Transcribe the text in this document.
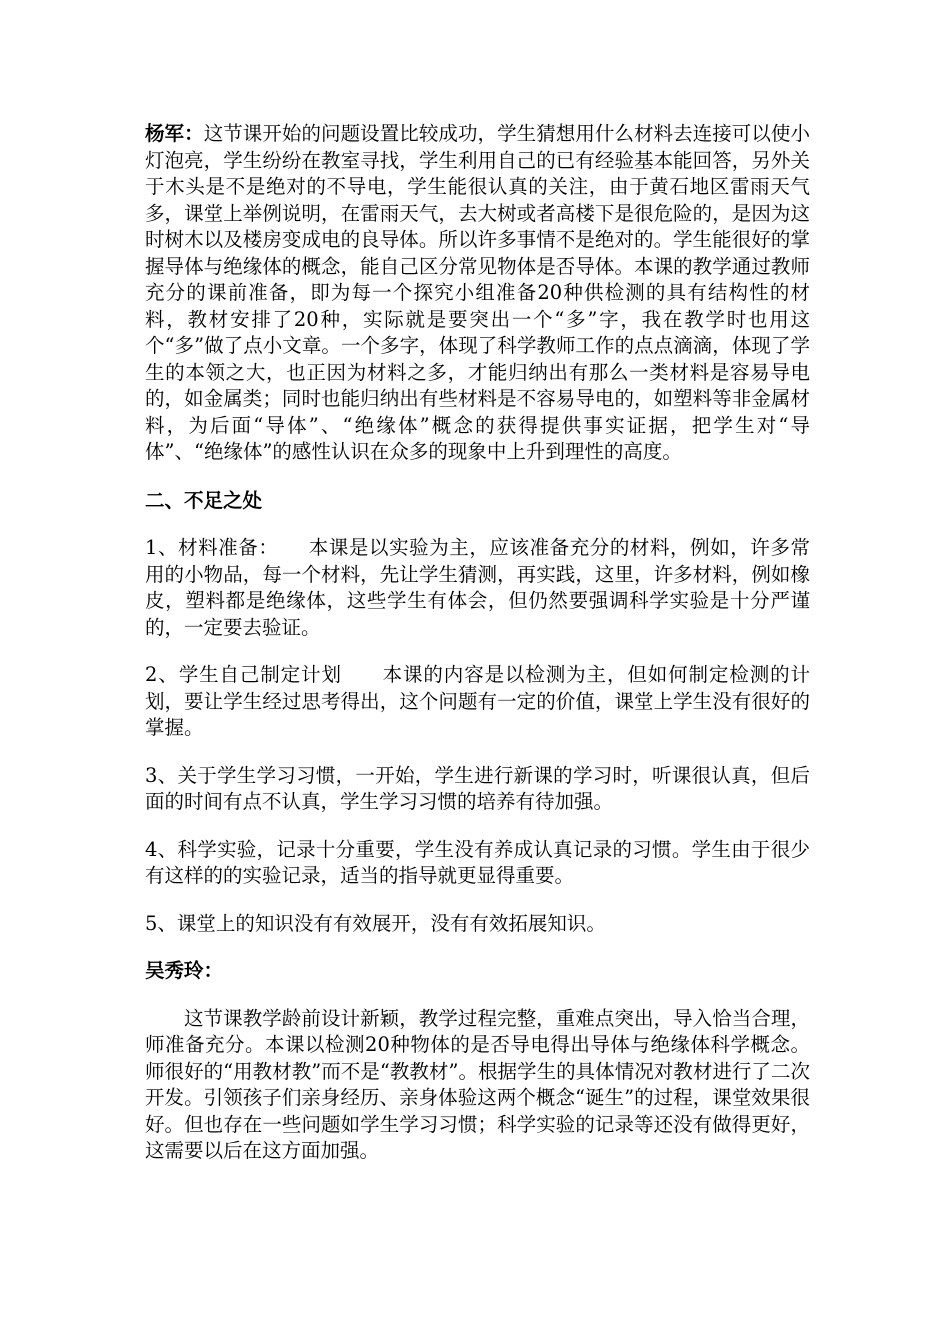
杨军：这节课开始的问题设置比较成功，学生猜想用什么材料去连接可以使小灯泡亮，学生纷纷在教室寻找，学生利用自己的已有经验基本能回答，另外关于木头是不是绝对的不导电，学生能很认真的关注，由于黄石地区雷雨天气多，课堂上举例说明，在雷雨天气，去大树或者高楼下是很危险的，是因为这时树木以及楼房变成电的良导体。所以许多事情不是绝对的。学生能很好的掌握导体与绝缘体的概念，能自己区分常见物体是否导体。本课的教学通过教师充分的课前准备，即为每一个探究小组准备20种供检测的具有结构性的材料，教材安排了20种，实际就是要突出一个“多”字，我在教学时也用这个“多”做了点小文章。一个多字，体现了科学教师工作的点点滴滴，体现了学生的本领之大，也正因为材料之多，才能归纳出有那么一类材料是容易导电的，如金属类；同时也能归纳出有些材料是不容易导电的，如塑料等非金属材料，为后面“导体”、“绝缘体”概念的获得提供事实证据，把学生对“导体”、“绝缘体”的感性认识在众多的现象中上升到理性的高度。

二、不足之处

1、材料准备：　　本课是以实验为主，应该准备充分的材料，例如，许多常用的小物品，每一个材料，先让学生猜测，再实践，这里，许多材料，例如橡皮，塑料都是绝缘体，这些学生有体会，但仍然要强调科学实验是十分严谨的，一定要去验证。

2、学生自己制定计划　　本课的内容是以检测为主，但如何制定检测的计划，要让学生经过思考得出，这个问题有一定的价值，课堂上学生没有很好的掌握。

3、关于学生学习习惯，一开始，学生进行新课的学习时，听课很认真，但后面的时间有点不认真，学生学习习惯的培养有待加强。

4、科学实验，记录十分重要，学生没有养成认真记录的习惯。学生由于很少有这样的的实验记录，适当的指导就更显得重要。

5、课堂上的知识没有有效展开，没有有效拓展知识。

吴秀玲：

这节课教学龄前设计新颖，教学过程完整，重难点突出，导入恰当合理，师准备充分。本课以检测20种物体的是否导电得出导体与绝缘体科学概念。师很好的“用教材教”而不是“教教材”。根据学生的具体情况对教材进行了二次开发。引领孩子们亲身经历、亲身体验这两个概念“诞生”的过程，课堂效果很好。但也存在一些问题如学生学习习惯；科学实验的记录等还没有做得更好，这需要以后在这方面加强。
